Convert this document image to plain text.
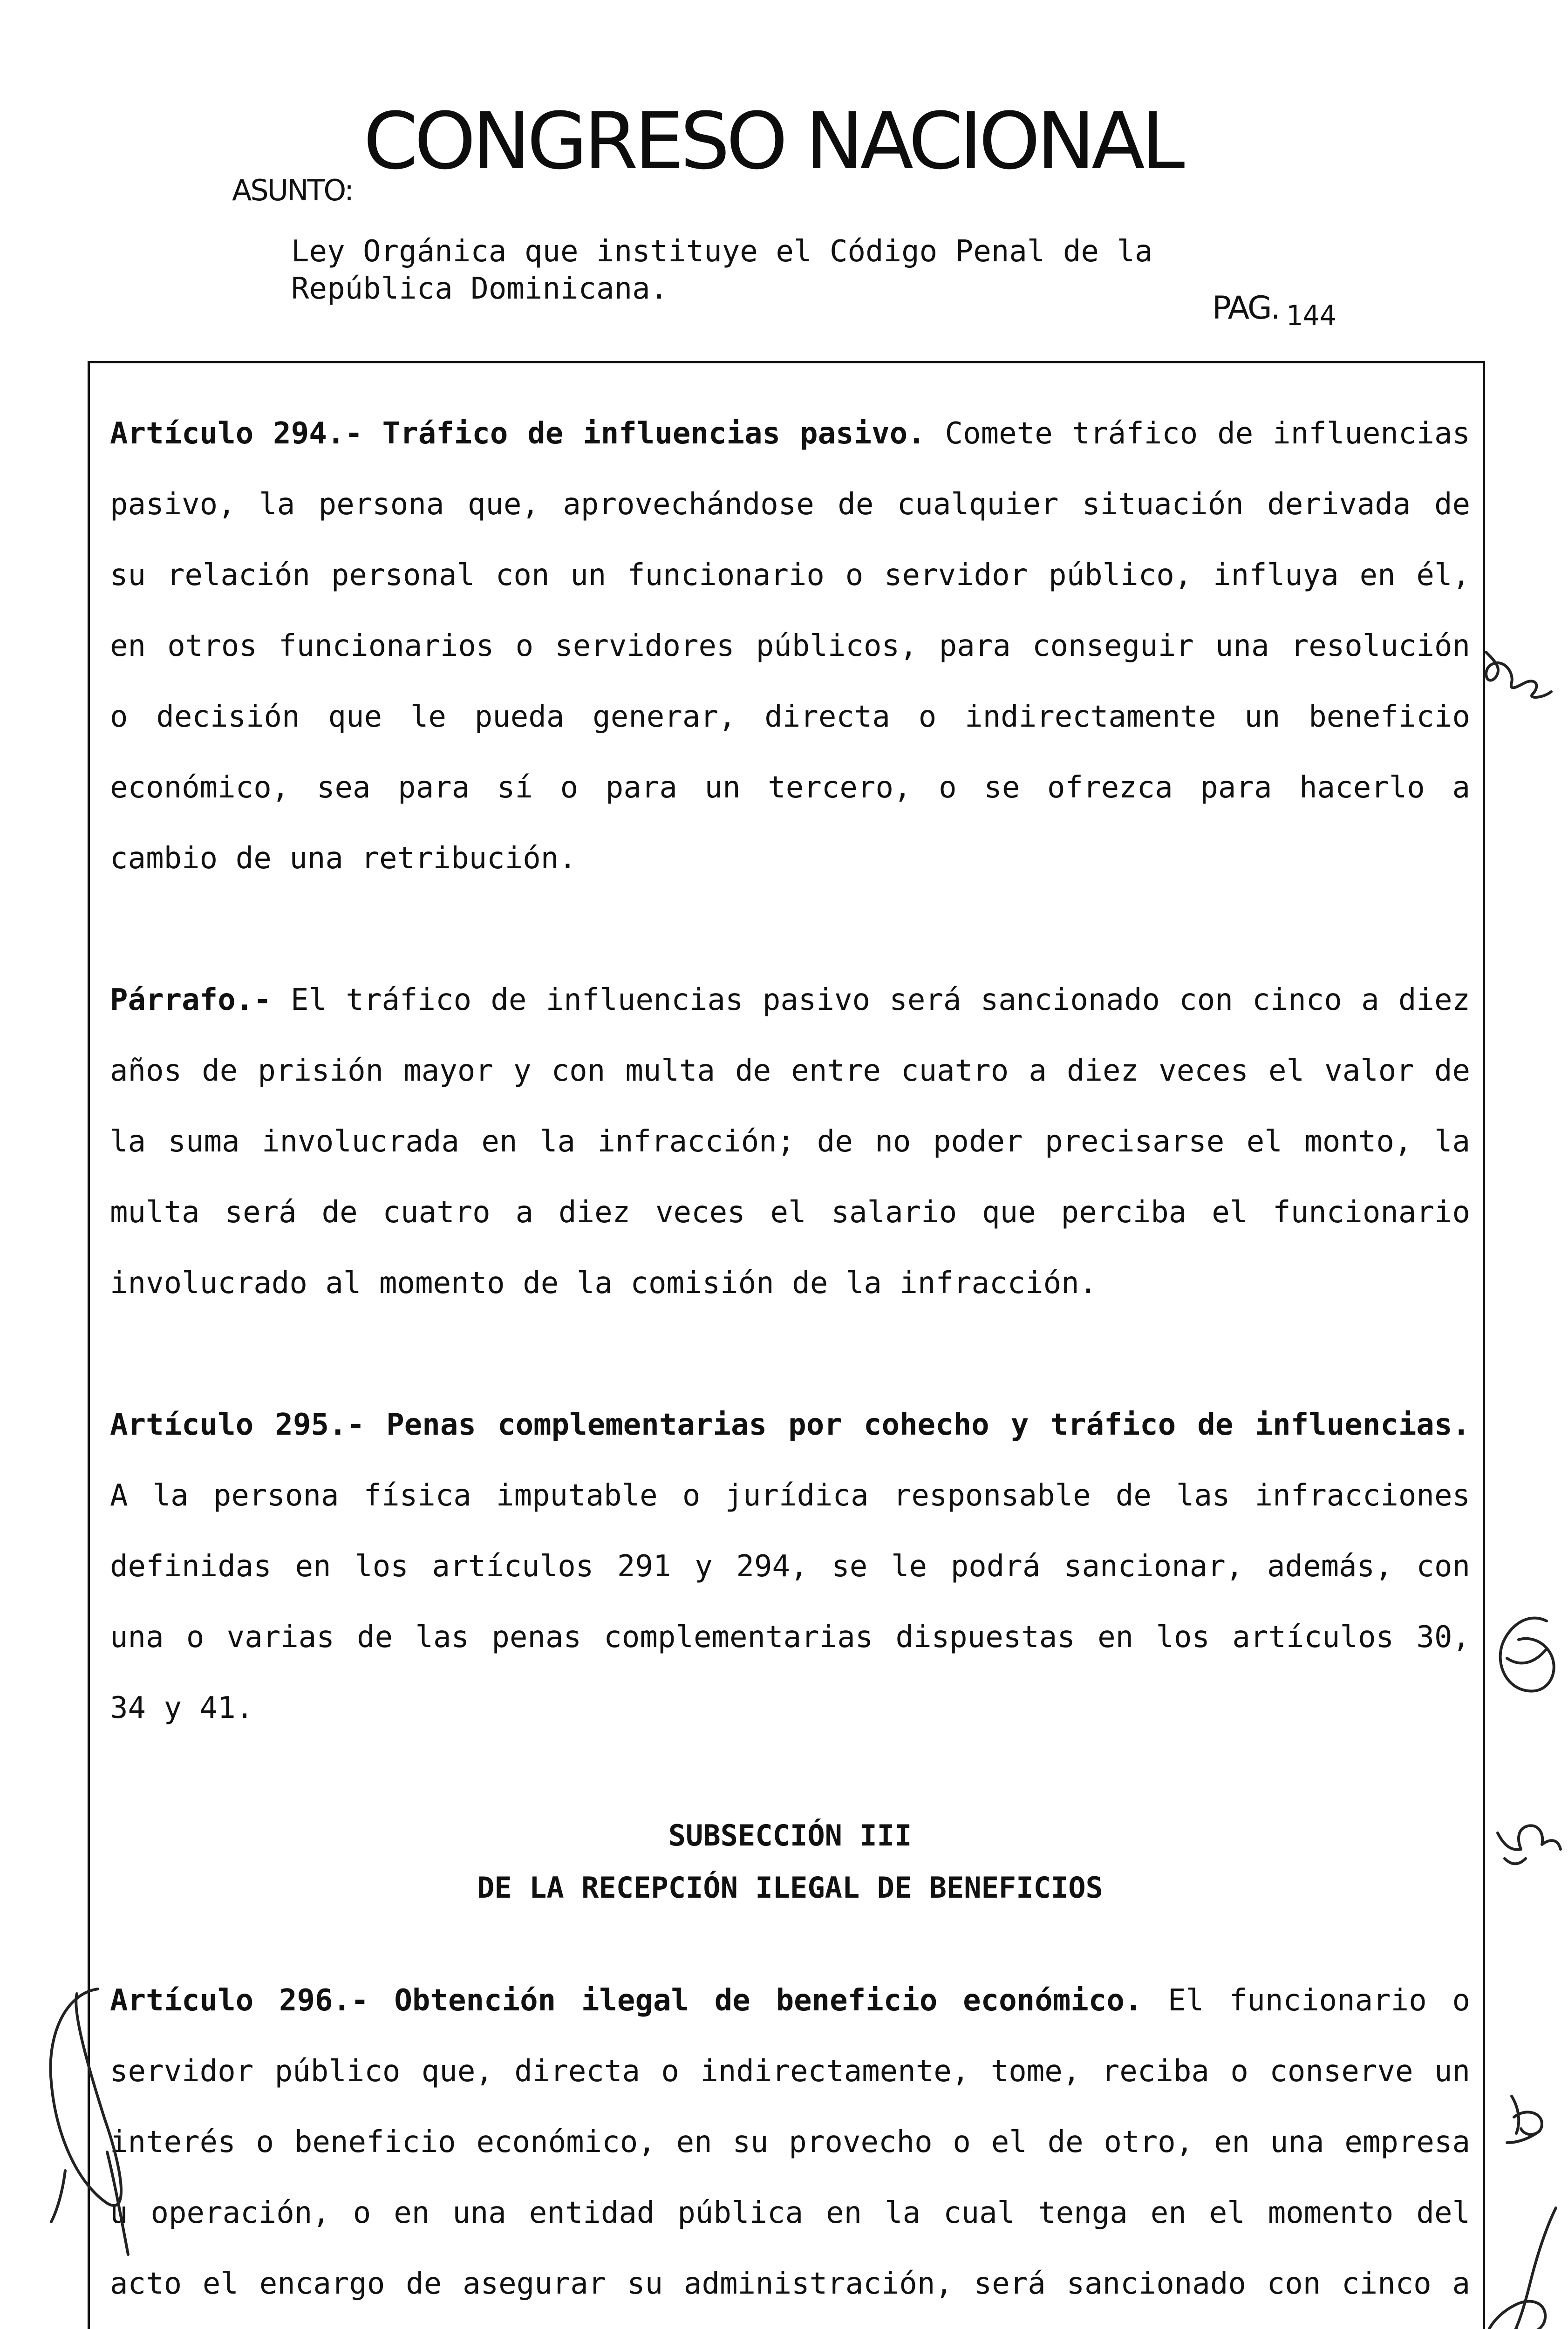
CONGRESO NACIONAL
ASUNTO:
Ley Orgánica que instituye el Código Penal de la
República Dominicana.
PAG. 144

Artículo 294.- Tráfico de influencias pasivo. Comete tráfico de influencias pasivo, la persona que, aprovechándose de cualquier situación derivada de su relación personal con un funcionario o servidor público, influya en él, en otros funcionarios o servidores públicos, para conseguir una resolución o decisión que le pueda generar, directa o indirectamente un beneficio económico, sea para sí o para un tercero, o se ofrezca para hacerlo a cambio de una retribución.

Párrafo.- El tráfico de influencias pasivo será sancionado con cinco a diez años de prisión mayor y con multa de entre cuatro a diez veces el valor de la suma involucrada en la infracción; de no poder precisarse el monto, la multa será de cuatro a diez veces el salario que perciba el funcionario involucrado al momento de la comisión de la infracción.

Artículo 295.- Penas complementarias por cohecho y tráfico de influencias. A la persona física imputable o jurídica responsable de las infracciones definidas en los artículos 291 y 294, se le podrá sancionar, además, con una o varias de las penas complementarias dispuestas en los artículos 30, 34 y 41.

SUBSECCIÓN III

DE LA RECEPCIÓN ILEGAL DE BENEFICIOS

Artículo 296.- Obtención ilegal de beneficio económico. El funcionario o servidor público que, directa o indirectamente, tome, reciba o conserve un interés o beneficio económico, en su provecho o el de otro, en una empresa u operación, o en una entidad pública en la cual tenga en el momento del acto el encargo de asegurar su administración, será sancionado con cinco a
